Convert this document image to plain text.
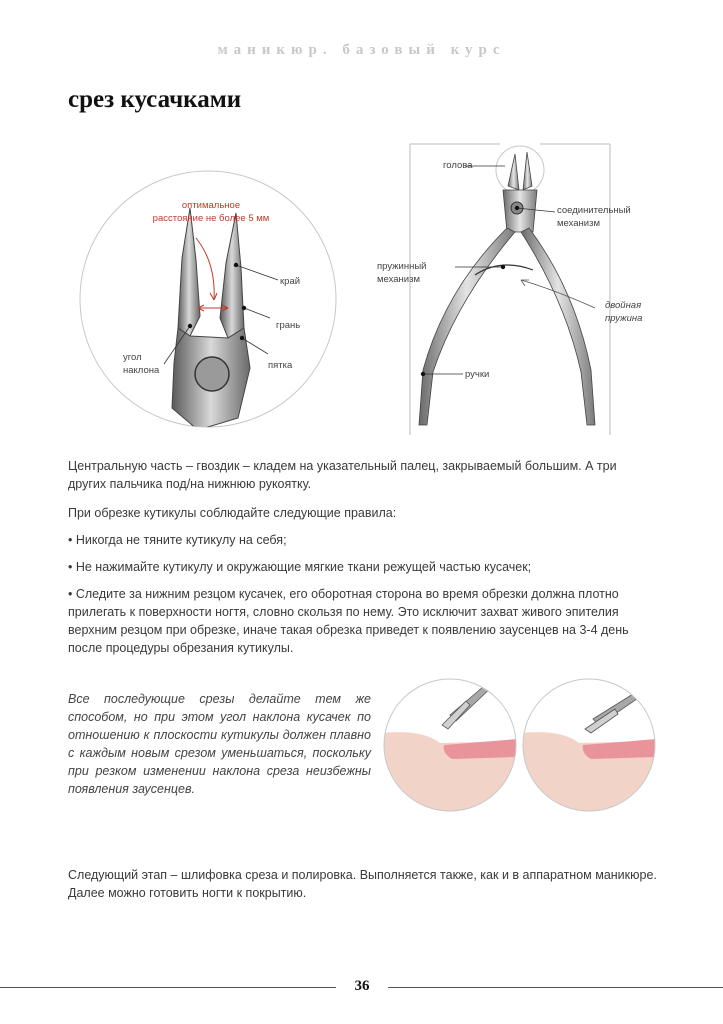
маникюр. базовый курс
срез кусачками
оптимальное
расстояние не более 5 мм
край
грань
пятка
угол
наклона
голова
соединительный
механизм
пружинный
механизм
двойная
пружина
ручки
Центральную часть – гвоздик – кладем на указательный палец, закрываемый большим. А три других пальчика под/на нижнюю рукоятку.
При обрезке кутикулы соблюдайте следующие правила:
• Никогда не тяните кутикулу на себя;
• Не нажимайте кутикулу и окружающие мягкие ткани режущей частью кусачек;
• Следите за нижним резцом кусачек, его оборотная сторона во время обрезки должна плотно прилегать к поверхности ногтя, словно скользя по нему. Это исключит захват живого эпителия верхним резцом при обрезке, иначе такая обрезка приведет к появлению заусенцев на 3-4 день после процедуры обрезания кутикулы.
Все последующие срезы делайте тем же способом, но при этом угол наклона кусачек по отношению к плоскости кутикулы должен плавно с каждым новым срезом уменьшаться, поскольку при резком изменении наклона среза неизбежны появления заусенцев.
Следующий этап – шлифовка среза и полировка. Выполняется также, как и в аппаратном маникюре. Далее можно готовить ногти к покрытию.
36
